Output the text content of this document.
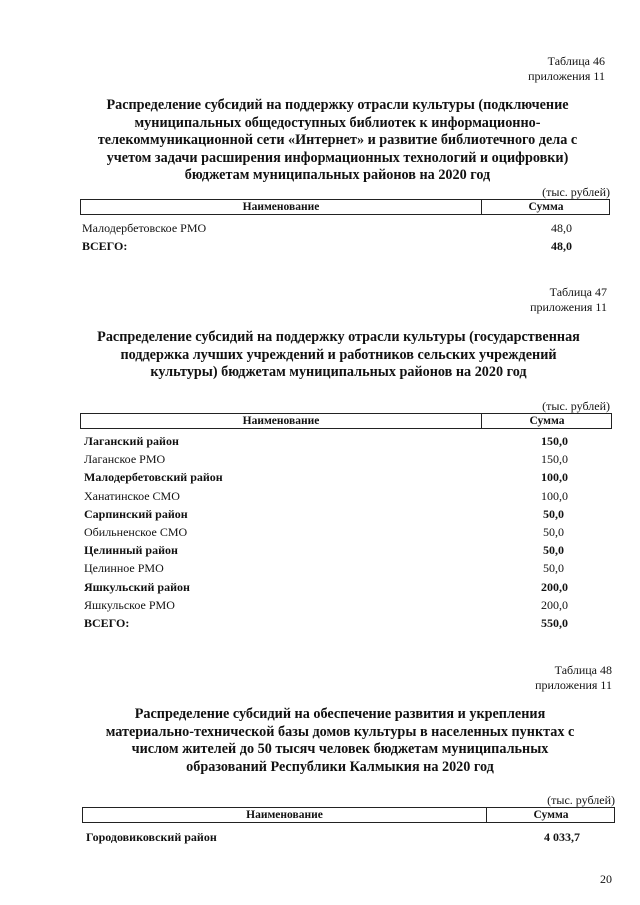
Таблица 46
приложения 11
Распределение субсидий на поддержку отрасли культуры (подключение
муниципальных общедоступных библиотек к информационно-
телекоммуникационной сети «Интернет» и развитие библиотечного дела с
учетом задачи расширения информационных технологий и оцифровки)
бюджетам муниципальных районов на 2020 год
(тыс. рублей)
Наименование	Сумма
Малодербетовское РМО	48,0
ВСЕГО:	48,0
Таблица 47
приложения 11
Распределение субсидий на поддержку отрасли культуры (государственная
поддержка лучших учреждений и работников сельских учреждений
культуры) бюджетам муниципальных районов на 2020 год
(тыс. рублей)
Наименование	Сумма
Лаганский район	150,0
Лаганское РМО	150,0
Малодербетовский район	100,0
Ханатинское СМО	100,0
Сарпинский район	50,0
Обильненское СМО	50,0
Целинный район	50,0
Целинное РМО	50,0
Яшкульский район	200,0
Яшкульское РМО	200,0
ВСЕГО:	550,0
Таблица 48
приложения 11
Распределение субсидий на обеспечение развития и укрепления
материально-технической базы домов культуры в населенных пунктах с
числом жителей до 50 тысяч человек бюджетам муниципальных
образований Республики Калмыкия на 2020 год
(тыс. рублей)
Наименование	Сумма
Городовиковский район	4 033,7
20
